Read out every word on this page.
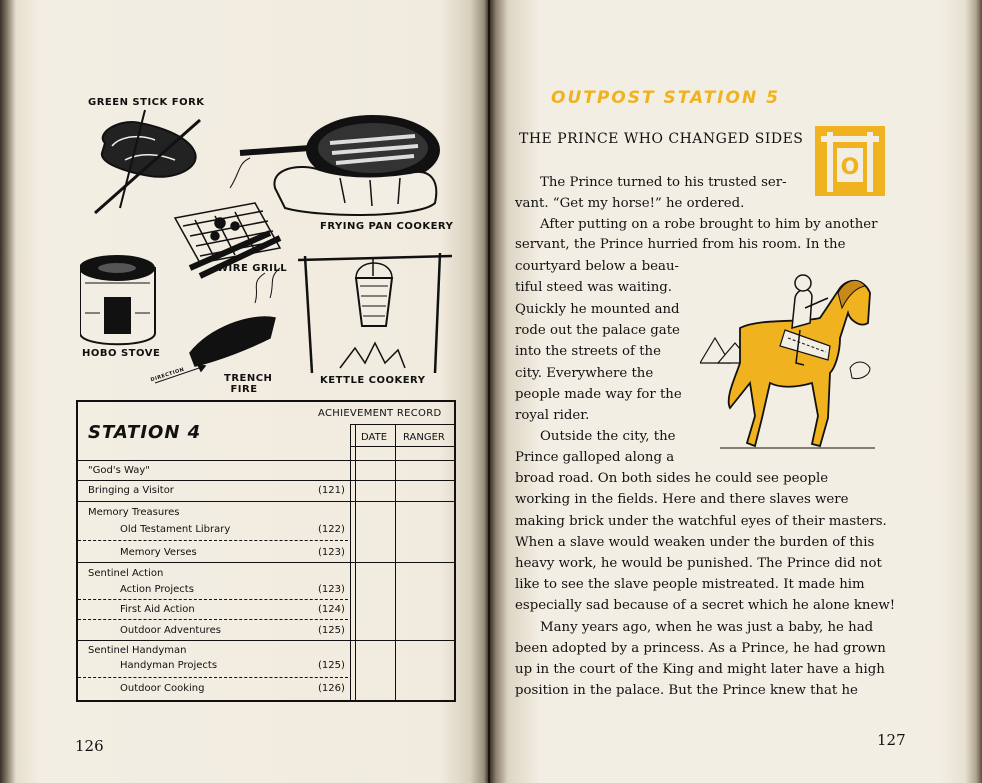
GREEN STICK FORK
FRYING PAN COOKERY
WIRE GRILL
HOBO STOVE
TRENCH FIRE
KETTLE COOKERY
DIRECTION
STATION 4
ACHIEVEMENT RECORD
DATE RANGER
"God's Way"
Bringing a Visitor	(121)
Memory Treasures
Old Testament Library	(122)
Memory Verses	(123)
Sentinel Action
Action Projects	(123)
First Aid Action	(124)
Outdoor Adventures	(125)
Sentinel Handyman
Handyman Projects	(125)
Outdoor Cooking	(126)
126
OUTPOST STATION 5
THE PRINCE WHO CHANGED SIDES
O
The Prince turned to his trusted ser-
vant. “Get my horse!” he ordered.
After putting on a robe brought to him by another
servant, the Prince hurried from his room. In the
courtyard below a beau-
tiful steed was waiting.
Quickly he mounted and
rode out the palace gate
into the streets of the
city. Everywhere the
people made way for the
royal rider.
Outside the city, the
Prince galloped along a
broad road. On both sides he could see people
working in the fields. Here and there slaves were
making brick under the watchful eyes of their masters.
When a slave would weaken under the burden of this
heavy work, he would be punished. The Prince did not
like to see the slave people mistreated. It made him
especially sad because of a secret which he alone knew!
Many years ago, when he was just a baby, he had
been adopted by a princess. As a Prince, he had grown
up in the court of the King and might later have a high
position in the palace. But the Prince knew that he
127
